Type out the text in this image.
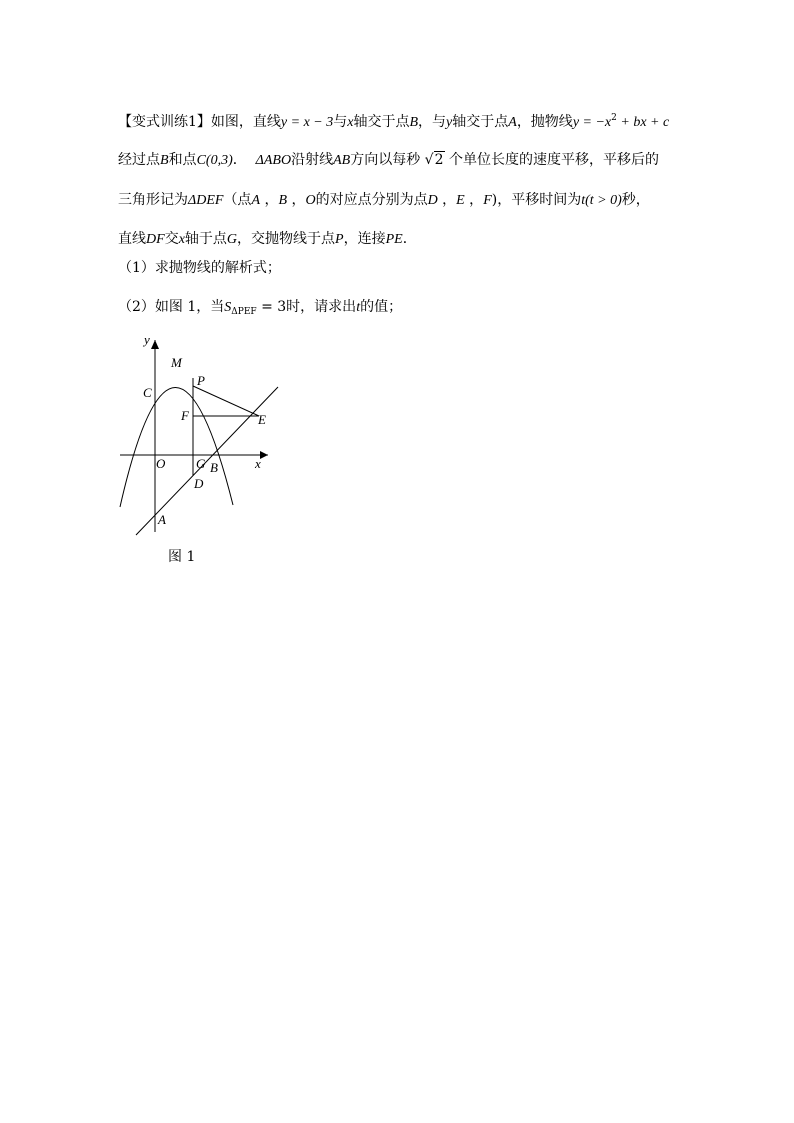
【变式训练1】如图，直线y = x − 3与x轴交于点B，与y轴交于点A，抛物线$y = -x^2$ + bx + c
经过点B和点C(0,3)． ΔABO沿射线AB方向以每秒 √2 个单位长度的速度平移，平移后的
三角形记为ΔDEF（点A ，B ，O的对应点分别为点D ，E ，F)，平移时间为t(t > 0)秒，
直线DF交x轴于点G，交抛物线于点P，连接PE．
（1）求抛物线的解析式；
（2）如图 1，当$S_{\Delta PEF} = 3$时，请求出t的值；
y
x
M
P
C
F	E
O G B
D
A
图 1
